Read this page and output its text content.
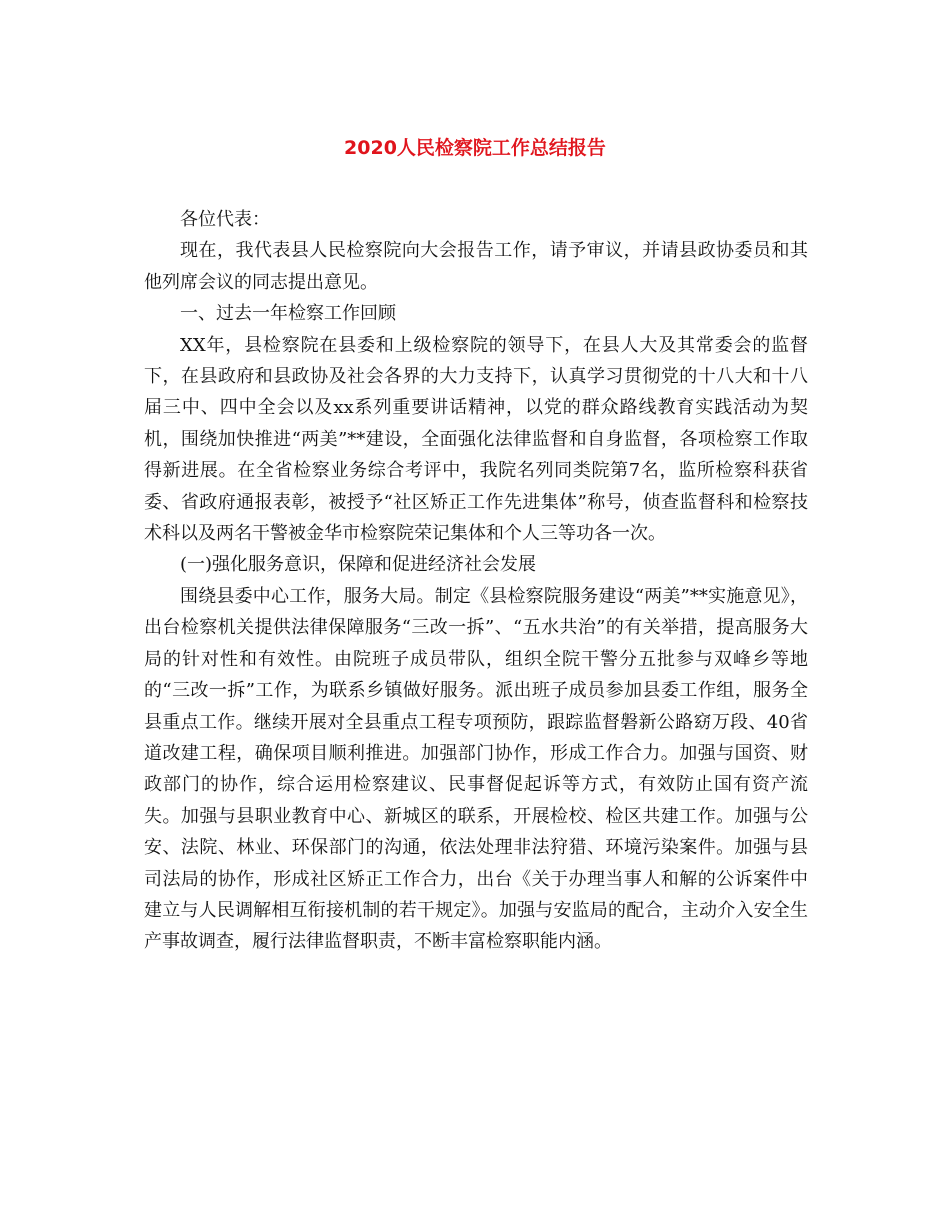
2020人民检察院工作总结报告

各位代表：

现在，我代表县人民检察院向大会报告工作，请予审议，并请县政协委员和其他列席会议的同志提出意见。

一、过去一年检察工作回顾

XX年，县检察院在县委和上级检察院的领导下，在县人大及其常委会的监督下，在县政府和县政协及社会各界的大力支持下，认真学习贯彻党的十八大和十八届三中、四中全会以及xx系列重要讲话精神，以党的群众路线教育实践活动为契机，围绕加快推进“两美”**建设，全面强化法律监督和自身监督，各项检察工作取得新进展。在全省检察业务综合考评中，我院名列同类院第7名，监所检察科获省委、省政府通报表彰，被授予“社区矫正工作先进集体”称号，侦查监督科和检察技术科以及两名干警被金华市检察院荣记集体和个人三等功各一次。

(一)强化服务意识，保障和促进经济社会发展

围绕县委中心工作，服务大局。制定《县检察院服务建设“两美”**实施意见》，出台检察机关提供法律保障服务“三改一拆”、“五水共治”的有关举措，提高服务大局的针对性和有效性。由院班子成员带队，组织全院干警分五批参与双峰乡等地的“三改一拆”工作，为联系乡镇做好服务。派出班子成员参加县委工作组，服务全县重点工作。继续开展对全县重点工程专项预防，跟踪监督磐新公路窈万段、40省道改建工程，确保项目顺利推进。加强部门协作，形成工作合力。加强与国资、财政部门的协作，综合运用检察建议、民事督促起诉等方式，有效防止国有资产流失。加强与县职业教育中心、新城区的联系，开展检校、检区共建工作。加强与公安、法院、林业、环保部门的沟通，依法处理非法狩猎、环境污染案件。加强与县司法局的协作，形成社区矫正工作合力，出台《关于办理当事人和解的公诉案件中建立与人民调解相互衔接机制的若干规定》。加强与安监局的配合，主动介入安全生产事故调查，履行法律监督职责，不断丰富检察职能内涵。
